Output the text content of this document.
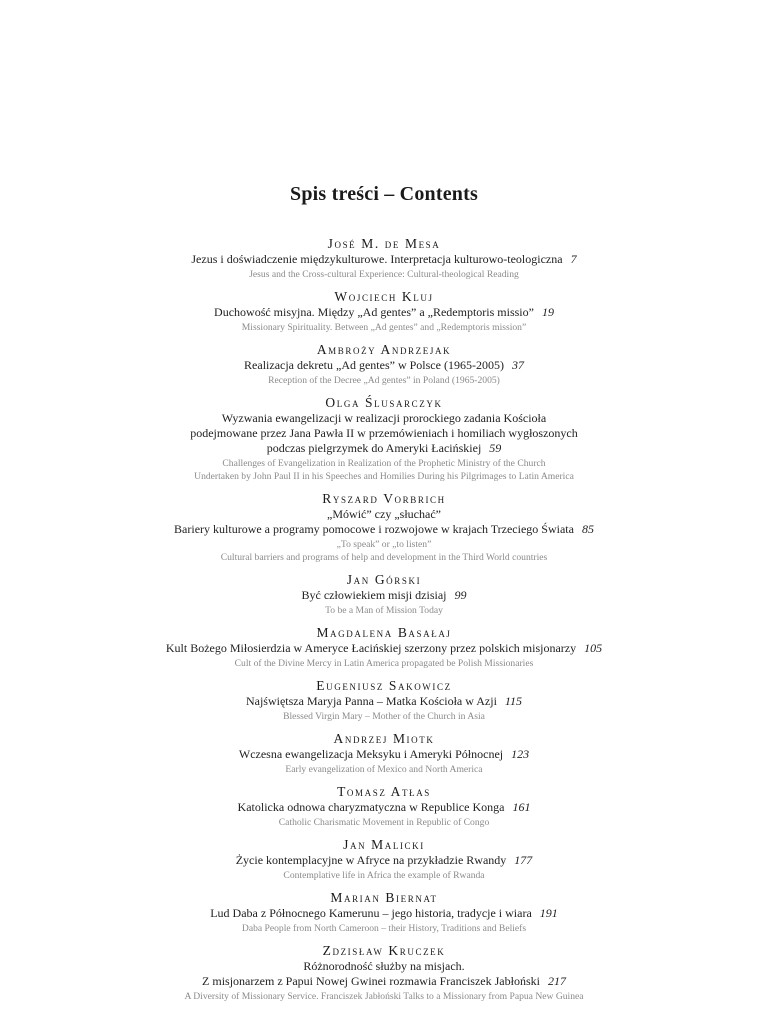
Spis treści – Contents
José M. de Mesa
Jezus i doświadczenie międzykulturowe. Interpretacja kulturowo-teologiczna 7
Jesus and the Cross-cultural Experience: Cultural-theological Reading
Wojciech Kluj
Duchowość misyjna. Między „Ad gentes” a „Redemptoris missio” 19
Missionary Spirituality. Between „Ad gentes” and „Redemptoris mission”
Ambroży Andrzejak
Realizacja dekretu „Ad gentes” w Polsce (1965-2005) 37
Reception of the Decree „Ad gentes” in Poland (1965-2005)
Olga Ślusarczyk
Wyzwania ewangelizacji w realizacji prorockiego zadania Kościoła
podejmowane przez Jana Pawła II w przemówieniach i homiliach wygłoszonych
podczas pielgrzymek do Ameryki Łacińskiej 59
Challenges of Evangelization in Realization of the Prophetic Ministry of the Church
Undertaken by John Paul II in his Speeches and Homilies During his Pilgrimages to Latin America
Ryszard Vorbrich
„Mówić” czy „słuchać”
Bariery kulturowe a programy pomocowe i rozwojowe w krajach Trzeciego Świata 85
„To speak” or „to listen”
Cultural barriers and programs of help and development in the Third World countries
Jan Górski
Być człowiekiem misji dzisiaj 99
To be a Man of Mission Today
Magdalena Basałaj
Kult Bożego Miłosierdzia w Ameryce Łacińskiej szerzony przez polskich misjonarzy 105
Cult of the Divine Mercy in Latin America propagated be Polish Missionaries
Eugeniusz Sakowicz
Najświętsza Maryja Panna – Matka Kościoła w Azji 115
Blessed Virgin Mary – Mother of the Church in Asia
Andrzej Miotk
Wczesna ewangelizacja Meksyku i Ameryki Północnej 123
Early evangelization of Mexico and North America
Tomasz Atłas
Katolicka odnowa charyzmatyczna w Republice Konga 161
Catholic Charismatic Movement in Republic of Congo
Jan Malicki
Życie kontemplacyjne w Afryce na przykładzie Rwandy 177
Contemplative life in Africa the example of Rwanda
Marian Biernat
Lud Daba z Północnego Kamerunu – jego historia, tradycje i wiara 191
Daba People from North Cameroon – their History, Traditions and Beliefs
Zdzisław Kruczek
Różnorodność służby na misjach.
Z misjonarzem z Papui Nowej Gwinei rozmawia Franciszek Jabłoński 217
A Diversity of Missionary Service. Franciszek Jabłoński Talks to a Missionary from Papua New Guinea
